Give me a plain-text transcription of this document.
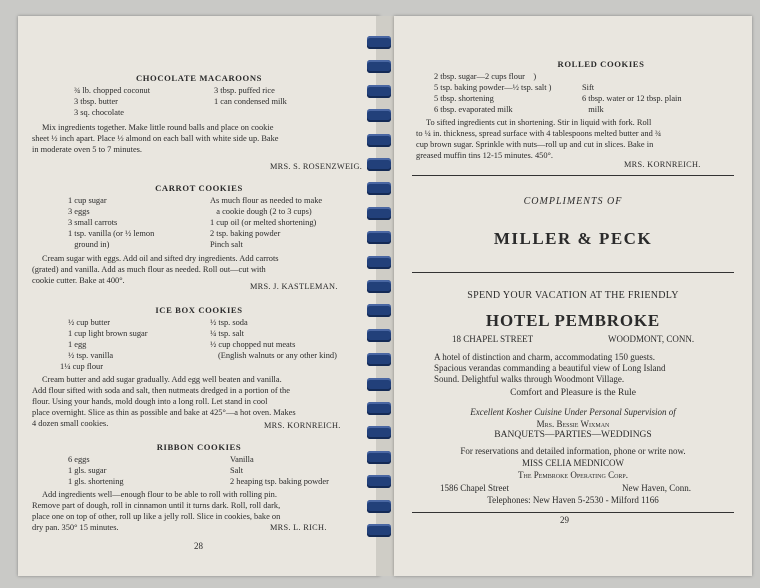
CHOCOLATE MACAROONS
¾ lb. chopped coconut
3 tbsp. butter
3 sq. chocolate
3 tbsp. puffed rice
1 can condensed milk
Mix ingredients together. Make little round balls and place on cookie
sheet ½ inch apart. Place ½ almond on each ball with white side up. Bake
in moderate oven 5 to 7 minutes.
MRS. S. ROSENZWEIG.
CARROT COOKIES
1 cup sugar
3 eggs
3 small carrots
1 tsp. vanilla (or ½ lemon
ground in)
As much flour as needed to make
a cookie dough (2 to 3 cups)
1 cup oil (or melted shortening)
2 tsp. baking powder
Pinch salt
Cream sugar with eggs. Add oil and sifted dry ingredients. Add carrots
(grated) and vanilla. Add as much flour as needed. Roll out—cut with
cookie cutter. Bake at 400°.
MRS. J. KASTLEMAN.
ICE BOX COOKIES
½ cup butter
1 cup light brown sugar
1 egg
½ tsp. vanilla
1¼ cup flour
½ tsp. soda
¼ tsp. salt
½ cup chopped nut meats
(English walnuts or any other kind)
Cream butter and add sugar gradually. Add egg well beaten and vanilla.
Add flour sifted with soda and salt, then nutmeats dredged in a portion of the
flour. Using your hands, mold dough into a long roll. Let stand in cool
place overnight. Slice as thin as possible and bake at 425°—a hot oven. Makes
4 dozen small cookies.	MRS. KORNREICH.
RIBBON COOKIES
6 eggs
1 gls. sugar
1 gls. shortening
Vanilla
Salt
2 heaping tsp. baking powder
Add ingredients well—enough flour to be able to roll with rolling pin.
Remove part of dough, roll in cinnamon until it turns dark. Roll, roll dark,
place one on top of other, roll up like a jelly roll. Slice in cookies, bake on
dry pan. 350° 15 minutes.	MRS. L. RICH.
28
ROLLED COOKIES
2 tbsp. sugar—2 cups flour    )
5 tsp. baking powder—½ tsp. salt )
5 tbsp. shortening
6 tbsp. evaporated milk
Sift
6 tbsp. water or 12 tbsp. plain
milk
To sifted ingredients cut in shortening. Stir in liquid with fork. Roll
to ¼ in. thickness, spread surface with 4 tablespoons melted butter and ¾
cup brown sugar. Sprinkle with nuts—roll up and cut in slices. Bake in
greased muffin tins 12-15 minutes. 450°.
MRS. KORNREICH.
COMPLIMENTS OF
MILLER & PECK
SPEND YOUR VACATION AT THE FRIENDLY
HOTEL PEMBROKE
18 CHAPEL STREET	WOODMONT, CONN.
A hotel of distinction and charm, accommodating 150 guests.
Spacious verandas commanding a beautiful view of Long Island
Sound. Delightful walks through Woodmont Village.
Comfort and Pleasure is the Rule
Excellent Kosher Cuisine Under Personal Supervision of
Mrs. Bessie Wixman
BANQUETS—PARTIES—WEDDINGS
For reservations and detailed information, phone or write now.
MISS CELIA MEDNICOW
The Pembroke Operating Corp.
1586 Chapel Street	New Haven, Conn.
Telephones: New Haven 5-2530 - Milford 1166
29
